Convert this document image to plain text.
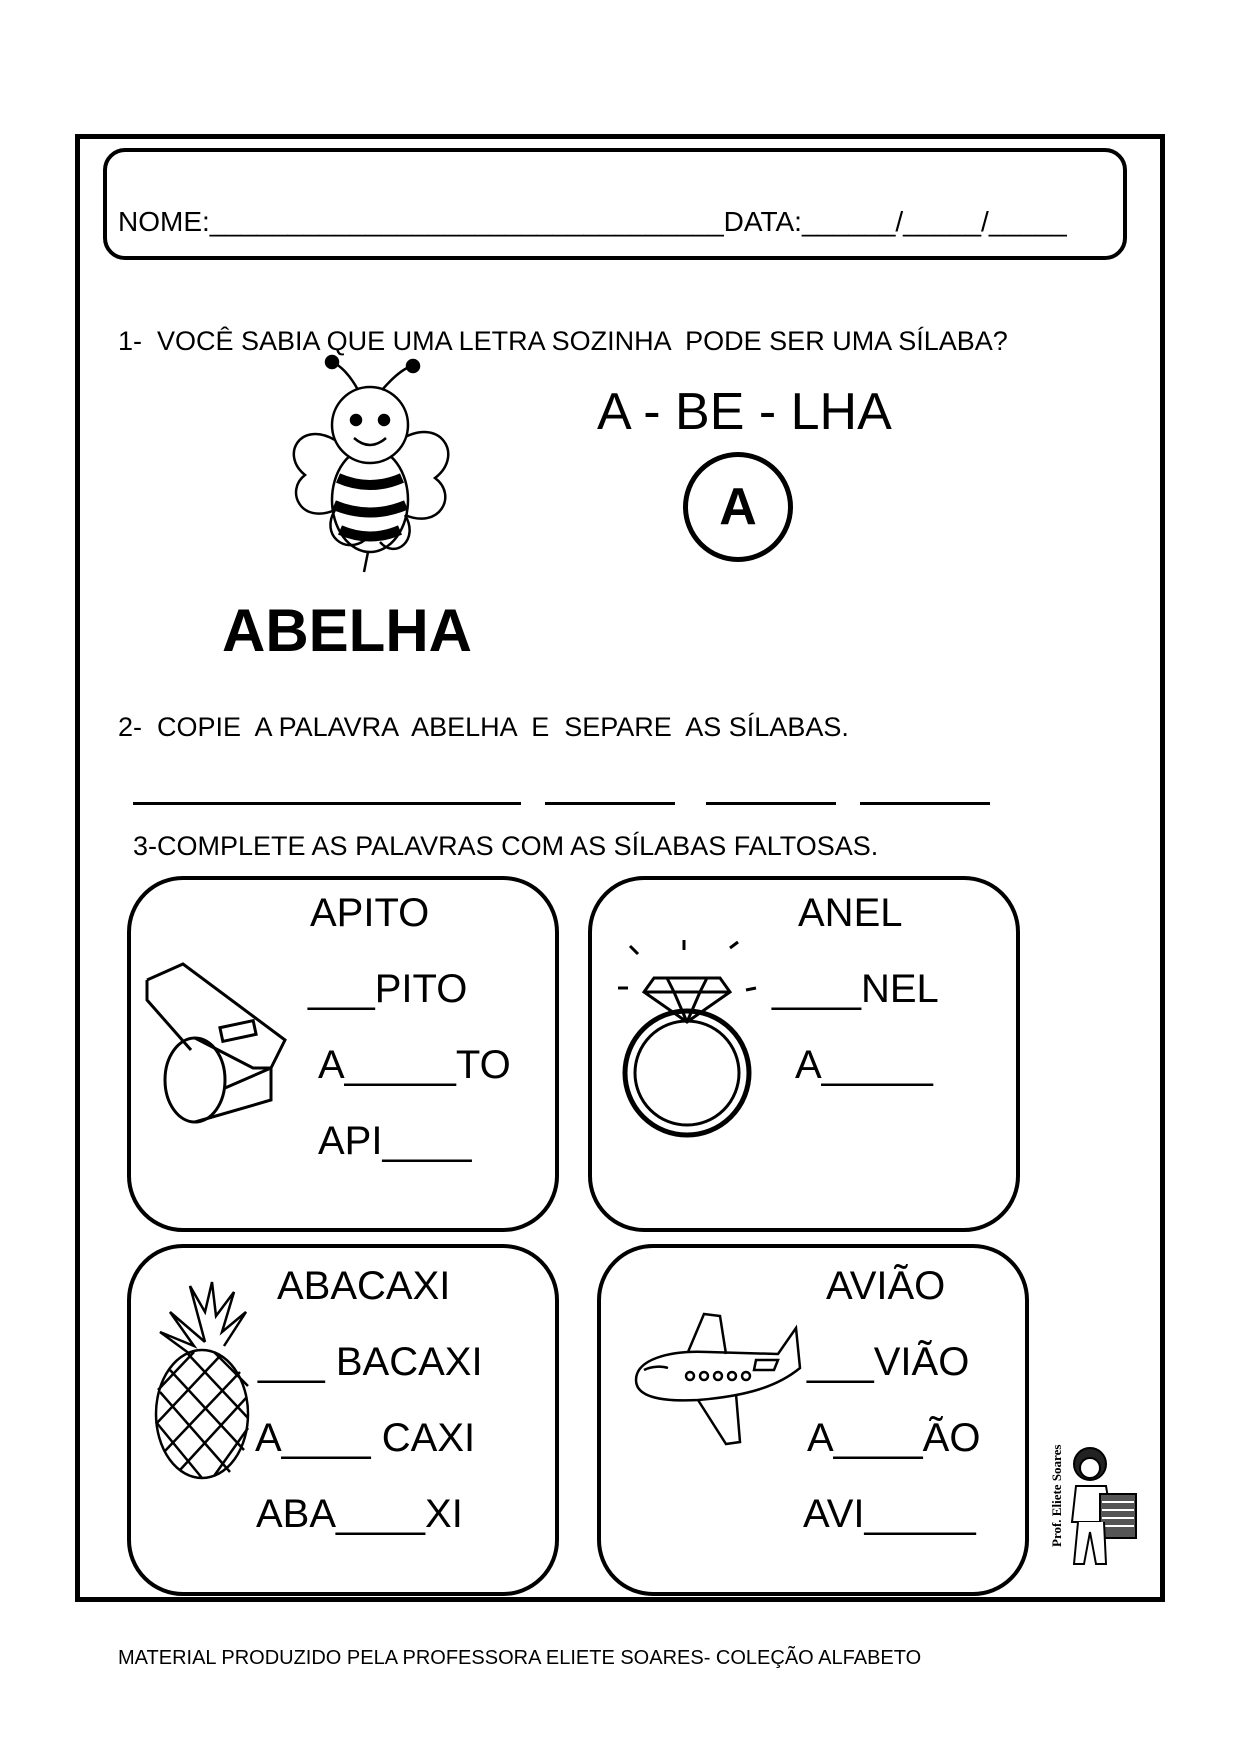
NOME:_________________________________DATA:______/_____/_____
1-  VOCÊ SABIA QUE UMA LETRA SOZINHA  PODE SER UMA SÍLABA?
A - BE - LHA
A
ABELHA
2-  COPIE  A PALAVRA  ABELHA  E  SEPARE  AS SÍLABAS.
3-COMPLETE AS PALAVRAS COM AS SÍLABAS FALTOSAS.
APITO
___PITO
A_____TO
API____
ANEL
____NEL
A_____
ABACAXI
___ BACAXI
A____ CAXI
ABA____XI
AVIÃO
___VIÃO
A____ÃO
AVI_____	Prof. Eliete Soares
MATERIAL PRODUZIDO PELA PROFESSORA ELIETE SOARES- COLEÇÃO ALFABETO
